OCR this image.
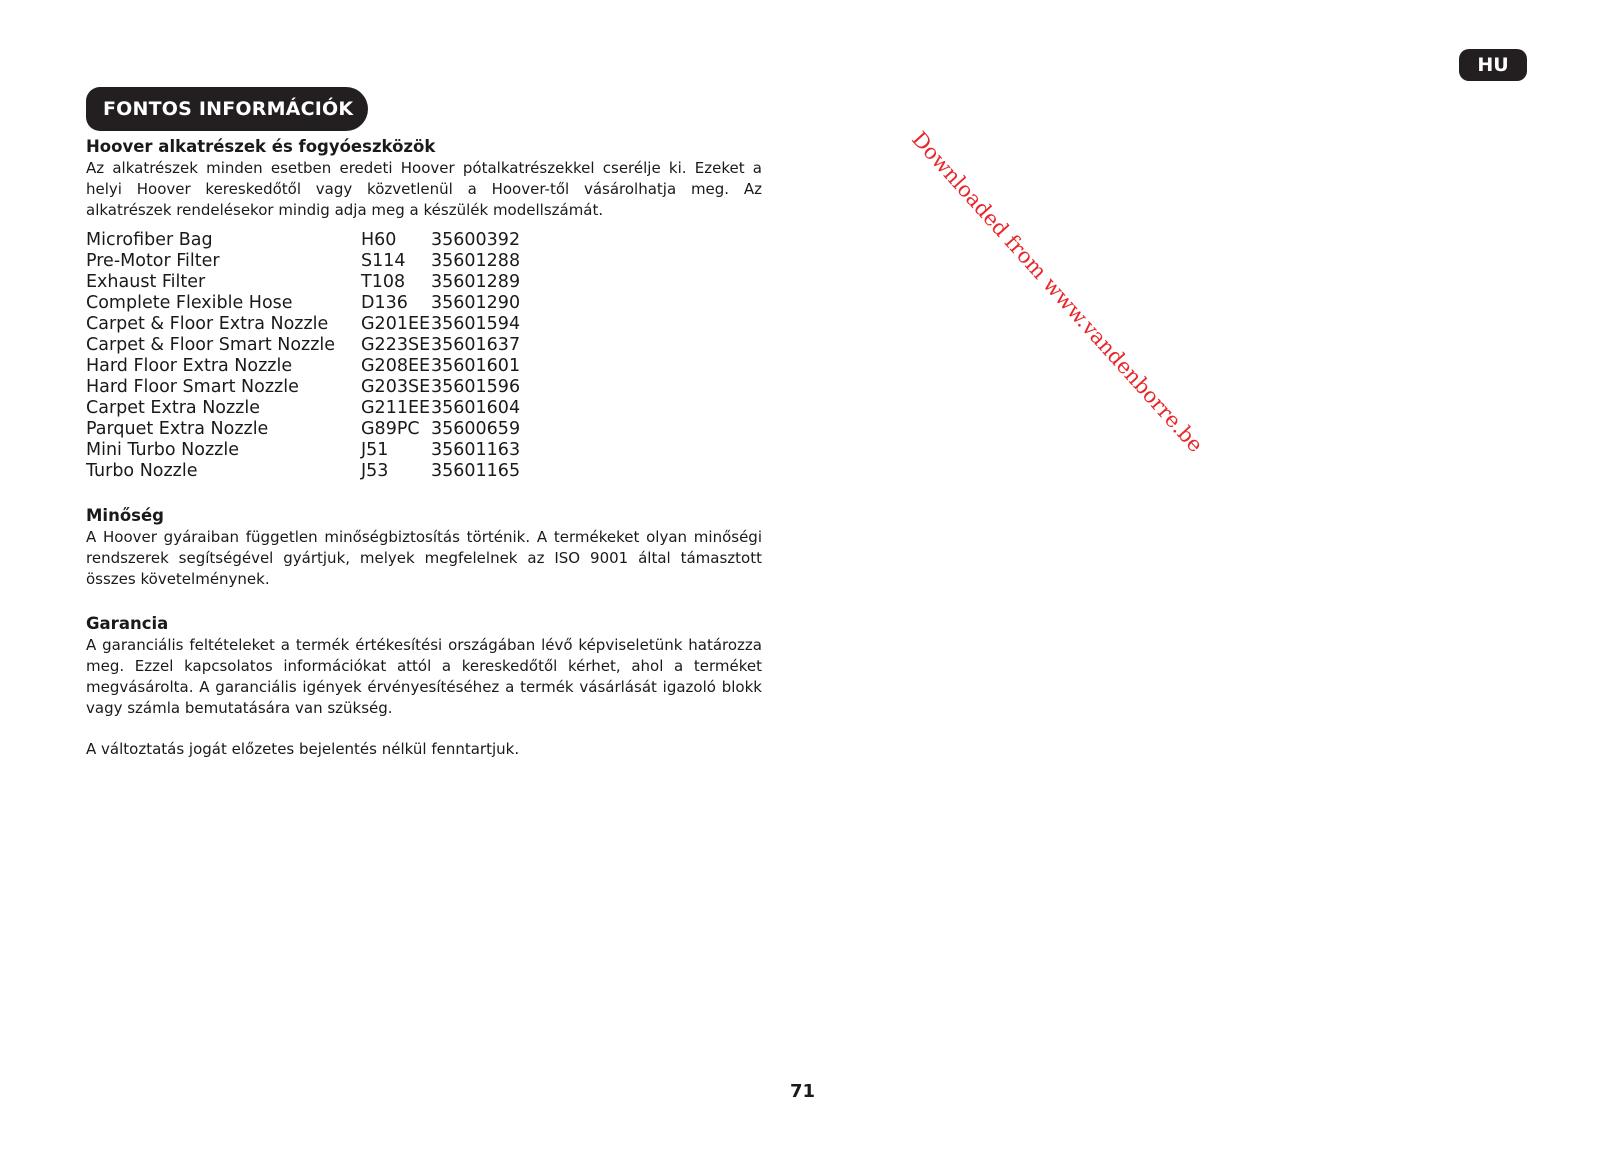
FONTOS INFORMÁCIÓK
HU
Downloaded from www.vandenborre.be
Hoover alkatrészek és fogyóeszközök

Az alkatrészek minden esetben eredeti Hoover pótalkatrészekkel cserélje ki. Ezeket a helyi Hoover kereskedőtől vagy közvetlenül a Hoover-től vásárolhatja meg. Az alkatrészek rendelésekor mindig adja meg a készülék modellszámát.

Microfiber Bag	H60	35600392
Pre-Motor Filter	S114	35601288
Exhaust Filter	T108	35601289
Complete Flexible Hose	D136	35601290
Carpet & Floor Extra Nozzle	G201EE	35601594
Carpet & Floor Smart Nozzle	G223SE	35601637
Hard Floor Extra Nozzle	G208EE	35601601
Hard Floor Smart Nozzle	G203SE	35601596
Carpet Extra Nozzle	G211EE	35601604
Parquet Extra Nozzle	G89PC	35600659
Mini Turbo Nozzle	J51	35601163
Turbo Nozzle	J53	35601165
Minőség

A Hoover gyáraiban független minőségbiztosítás történik. A termékeket olyan minőségi rendszerek segítségével gyártjuk, melyek megfelelnek az ISO 9001 által támasztott összes követelménynek.

Garancia

A garanciális feltételeket a termék értékesítési országában lévő képviseletünk határozza meg. Ezzel kapcsolatos információkat attól a kereskedőtől kérhet, ahol a terméket megvásárolta. A garanciális igények érvényesítéséhez a termék vásárlását igazoló blokk vagy számla bemutatására van szükség.

A változtatás jogát előzetes bejelentés nélkül fenntartjuk.

71
